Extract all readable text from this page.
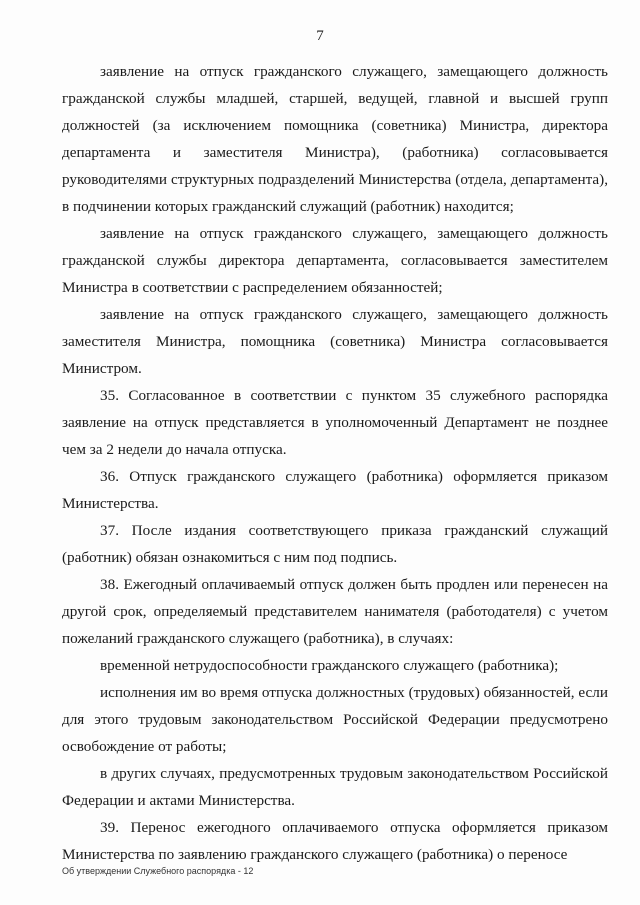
7

заявление на отпуск гражданского служащего, замещающего должность гражданской службы младшей, старшей, ведущей, главной и высшей групп должностей (за исключением помощника (советника) Министра, директора департамента и заместителя Министра), (работника) согласовывается руководителями структурных подразделений Министерства (отдела, департамента), в подчинении которых гражданский служащий (работник) находится;

заявление на отпуск гражданского служащего, замещающего должность гражданской службы директора департамента, согласовывается заместителем Министра в соответствии с распределением обязанностей;

заявление на отпуск гражданского служащего, замещающего должность заместителя Министра, помощника (советника) Министра согласовывается Министром.

35. Согласованное в соответствии с пунктом 35 служебного распорядка заявление на отпуск представляется в уполномоченный Департамент не позднее чем за 2 недели до начала отпуска.

36. Отпуск гражданского служащего (работника) оформляется приказом Министерства.

37. После издания соответствующего приказа гражданский служащий (работник) обязан ознакомиться с ним под подпись.

38. Ежегодный оплачиваемый отпуск должен быть продлен или перенесен на другой срок, определяемый представителем нанимателя (работодателя) с учетом пожеланий гражданского служащего (работника), в случаях:

временной нетрудоспособности гражданского служащего (работника);

исполнения им во время отпуска должностных (трудовых) обязанностей, если для этого трудовым законодательством Российской Федерации предусмотрено освобождение от работы;

в других случаях, предусмотренных трудовым законодательством Российской Федерации и актами Министерства.

39. Перенос ежегодного оплачиваемого отпуска оформляется приказом Министерства по заявлению гражданского служащего (работника) о переносе

Об утверждении Служебного распорядка - 12
